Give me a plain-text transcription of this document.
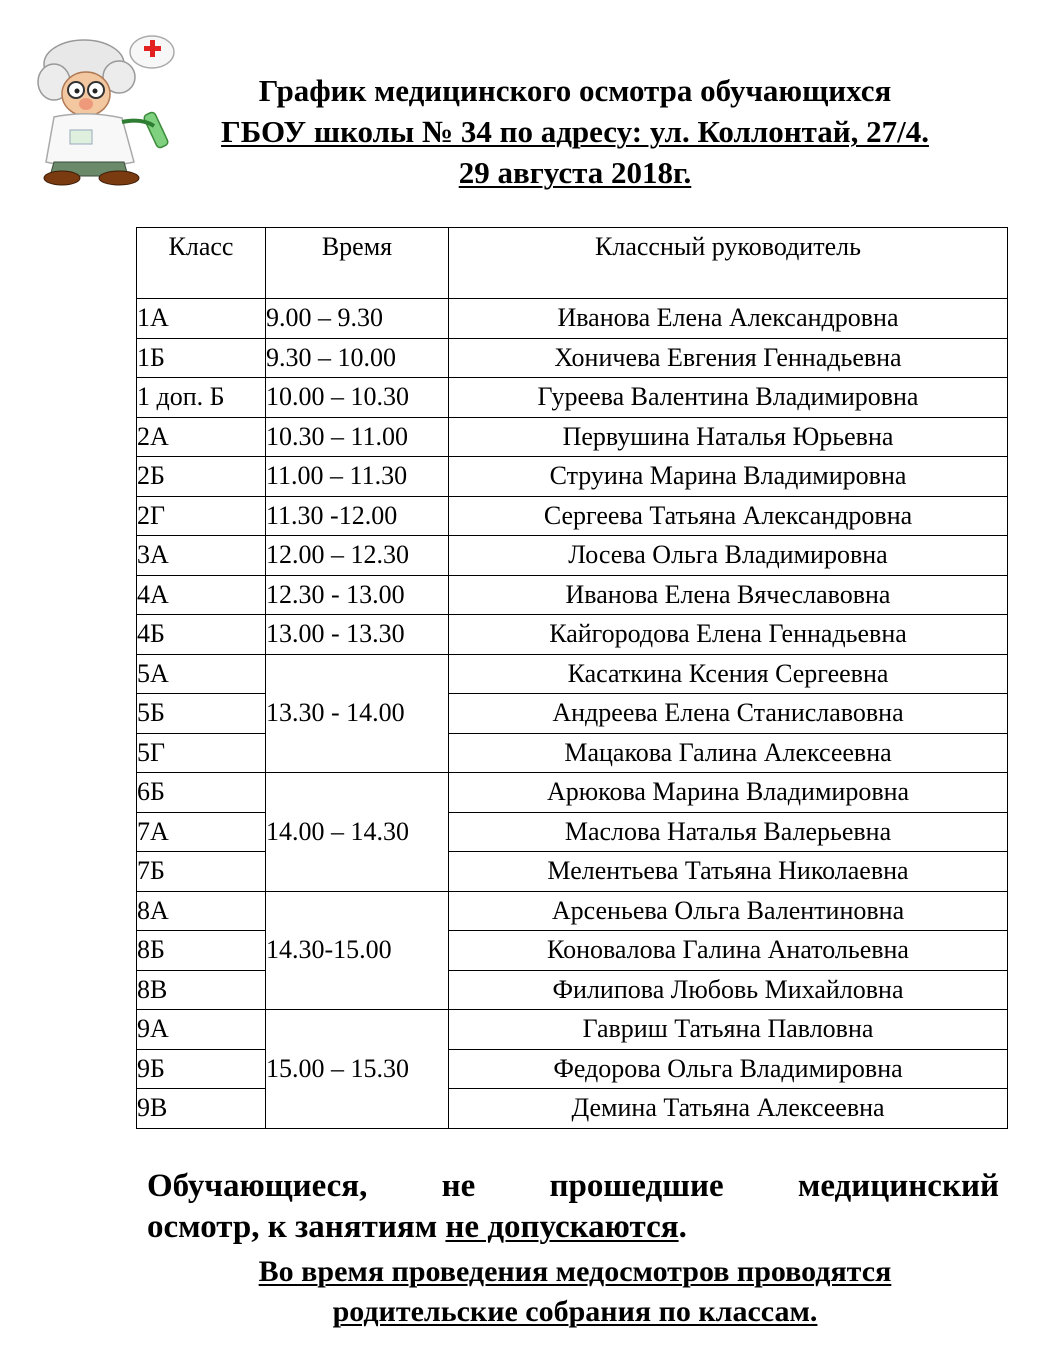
График медицинского осмотра обучающихся
ГБОУ школы № 34 по адресу: ул. Коллонтай, 27/4.
29 августа 2018г.
Класс	Время	Классный руководитель
1А	9.00 – 9.30	Иванова Елена Александровна
1Б	9.30 – 10.00	Хоничева Евгения Геннадьевна
1 доп. Б	10.00 – 10.30	Гуреева Валентина Владимировна
2А	10.30 – 11.00	Первушина Наталья Юрьевна
2Б	11.00 – 11.30	Струина Марина Владимировна
2Г	11.30 -12.00	Сергеева Татьяна Александровна
3А	12.00 – 12.30	Лосева Ольга Владимировна
4А	12.30 - 13.00	Иванова Елена Вячеславовна
4Б	13.00 - 13.30	Кайгородова Елена Геннадьевна
5А	13.30 - 14.00	Касаткина Ксения Сергеевна
5Б		Андреева Елена Станиславовна
5Г		Мацакова Галина Алексеевна
6Б	14.00 – 14.30	Арюкова Марина Владимировна
7А		Маслова Наталья Валерьевна
7Б		Мелентьева Татьяна Николаевна
8А	14.30-15.00	Арсеньева Ольга Валентиновна
8Б		Коновалова Галина Анатольевна
8В		Филипова Любовь Михайловна
9А	15.00 – 15.30	Гавриш Татьяна Павловна
9Б		Федорова Ольга Владимировна
9В		Демина Татьяна Алексеевна
Обучающиеся, не прошедшие медицинский
осмотр, к занятиям не допускаются.
Во время проведения медосмотров проводятся
родительские собрания по классам.
